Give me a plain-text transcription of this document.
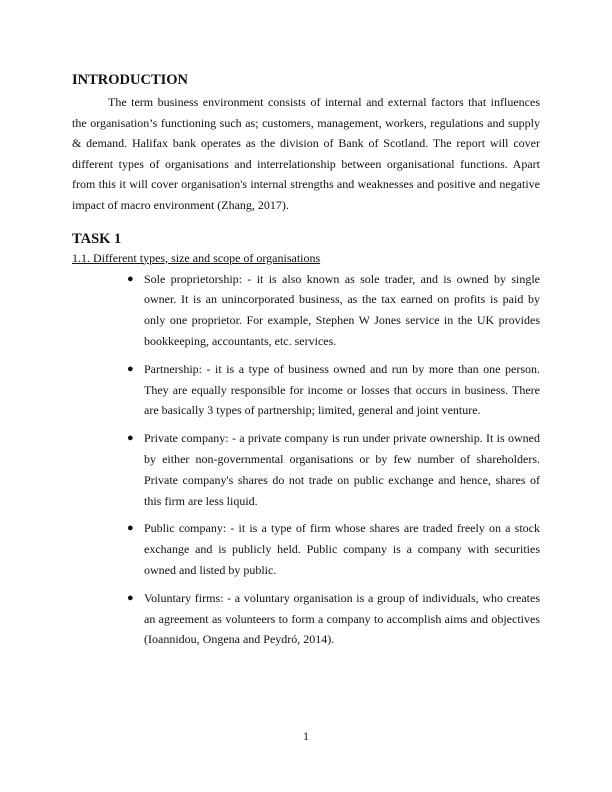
INTRODUCTION

The term business environment consists of internal and external factors that influences the organisation’s functioning such as; customers, management, workers, regulations and supply & demand. Halifax bank operates as the division of Bank of Scotland. The report will cover different types of organisations and interrelationship between organisational functions. Apart from this it will cover organisation's internal strengths and weaknesses and positive and negative impact of macro environment (Zhang, 2017).

TASK 1
1.1. Different types, size and scope of organisations
● Sole proprietorship: - it is also known as sole trader, and is owned by single owner. It is an unincorporated business, as the tax earned on profits is paid by only one proprietor. For example, Stephen W Jones service in the UK provides bookkeeping, accountants, etc. services.
● Partnership: - it is a type of business owned and run by more than one person. They are equally responsible for income or losses that occurs in business. There are basically 3 types of partnership; limited, general and joint venture.
● Private company: - a private company is run under private ownership. It is owned by either non-governmental organisations or by few number of shareholders. Private company's shares do not trade on public exchange and hence, shares of this firm are less liquid.
● Public company: - it is a type of firm whose shares are traded freely on a stock exchange and is publicly held. Public company is a company with securities owned and listed by public.
● Voluntary firms: - a voluntary organisation is a group of individuals, who creates an agreement as volunteers to form a company to accomplish aims and objectives (Ioannidou, Ongena and Peydró, 2014).
1
